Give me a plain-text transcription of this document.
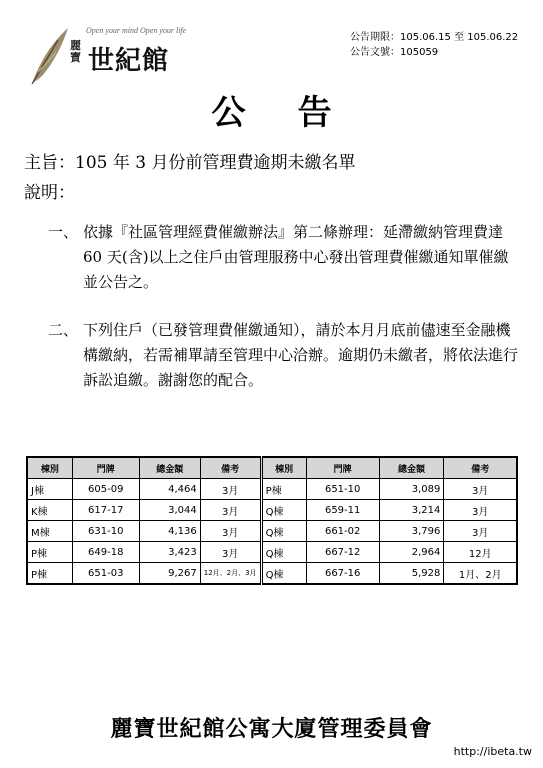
Open your mind Open your life
麗寶 世紀館
公告期限：105.06.15 至 105.06.22
公告文號：105059
公告
主旨：105 年 3 月份前管理費逾期未繳名單
說明：
一、 依據『社區管理經費催繳辦法』第二條辦理：延滯繳納管理費達 60 天(含)以上之住戶由管理服務中心發出管理費催繳通知單催繳並公告之。
二、 下列住戶（已發管理費催繳通知），請於本月月底前儘速至金融機構繳納，若需補單請至管理中心洽辦。逾期仍未繳者，將依法進行訴訟追繳。謝謝您的配合。
棟別	門牌	總金額	備考	棟別	門牌	總金額	備考
J棟	605-09	4,464	3月	P棟	651-10	3,089	3月
K棟	617-17	3,044	3月	Q棟	659-11	3,214	3月
M棟	631-10	4,136	3月	Q棟	661-02	3,796	3月
P棟	649-18	3,423	3月	Q棟	667-12	2,964	12月
P棟	651-03	9,267	12月、2月、3月	Q棟	667-16	5,928	1月、2月
麗寶世紀館公寓大廈管理委員會
http://ibeta.tw
